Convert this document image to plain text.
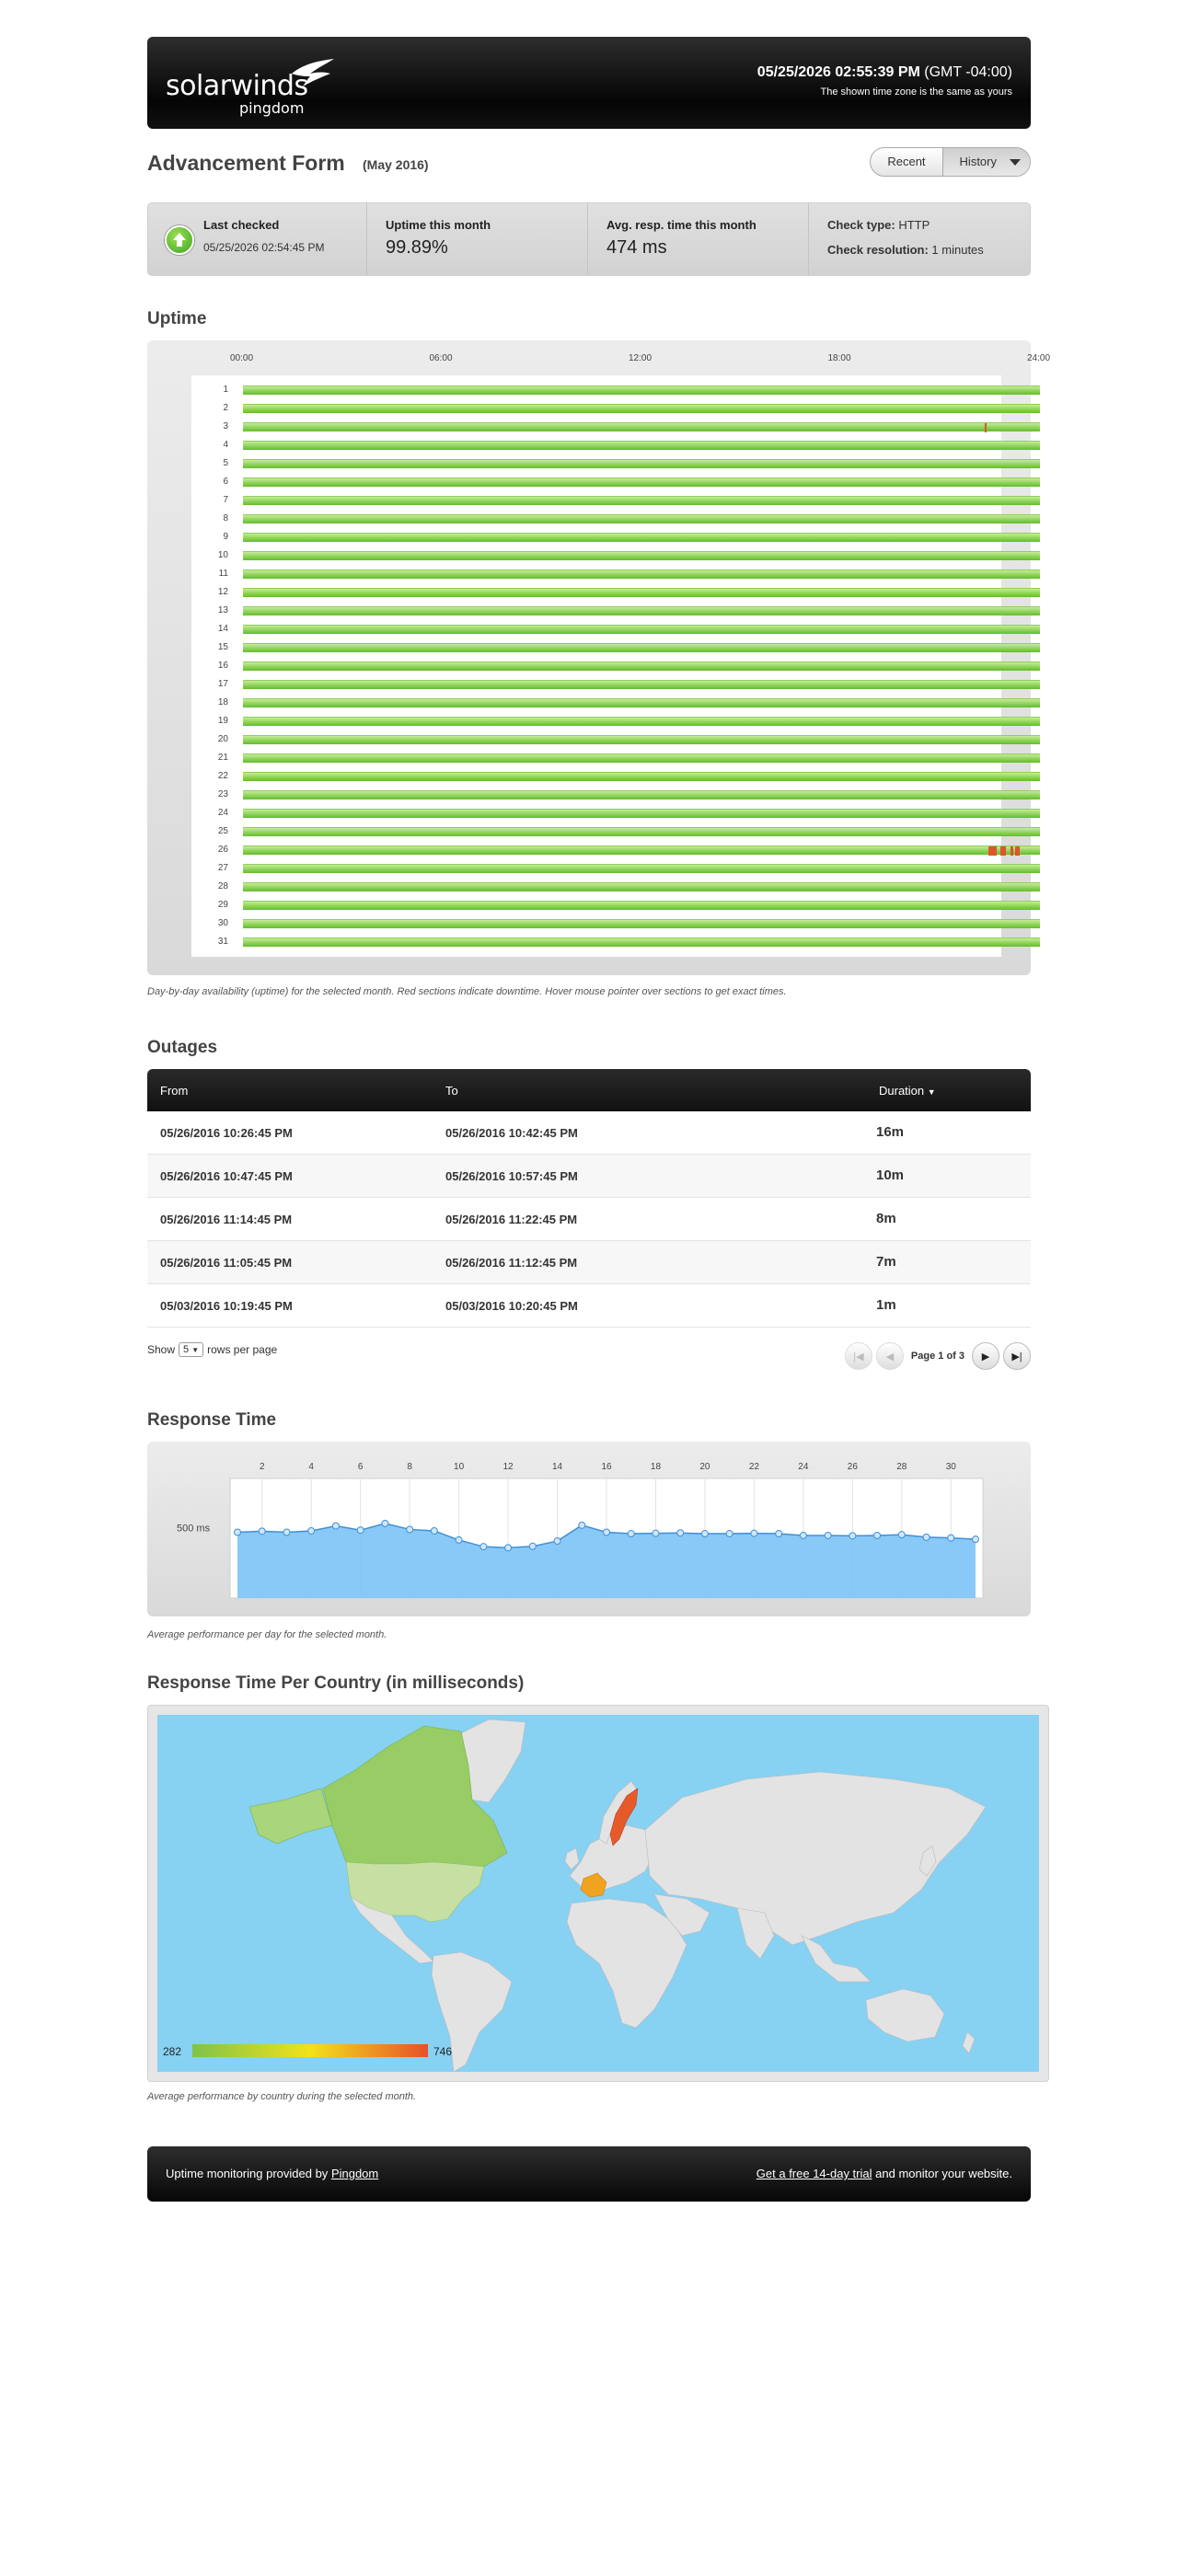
solarwinds
pingdom
05/25/2026 02:55:39 PM (GMT -04:00)
The shown time zone is the same as yours
Advancement Form (May 2016)	Recent	History
Last checked
05/25/2026 02:54:45 PM
Uptime this month
99.89%
Avg. resp. time this month
474 ms
Check type: HTTP
Check resolution: 1 minutes
Uptime
00:00	06:00	12:00	18:00	24:00
1
2
3
4
5
6
7
8
9
10
11
12
13
14
15
16
17
18
19
20
21
22
23
24
25
26
27
28
29
30
31
Day-by-day availability (uptime) for the selected month. Red sections indicate downtime. Hover mouse pointer over sections to get exact times.
Outages
From	To	Duration ▼
05/26/2016 10:26:45 PM	05/26/2016 10:42:45 PM	16m
05/26/2016 10:47:45 PM	05/26/2016 10:57:45 PM	10m
05/26/2016 11:14:45 PM	05/26/2016 11:22:45 PM	8m
05/26/2016 11:05:45 PM	05/26/2016 11:12:45 PM	7m
05/03/2016 10:19:45 PM	05/03/2016 10:20:45 PM	1m
Show 5 ▼ rows per page
|◀	◀	Page 1 of 3	▶	▶|
Response Time
2	4	6	8	10	12	14	16	18	20	22	24	26	28	30
500 ms
Average performance per day for the selected month.
Response Time Per Country (in milliseconds)
282	746
Average performance by country during the selected month.
Uptime monitoring provided by Pingdom	Get a free 14-day trial and monitor your website.
